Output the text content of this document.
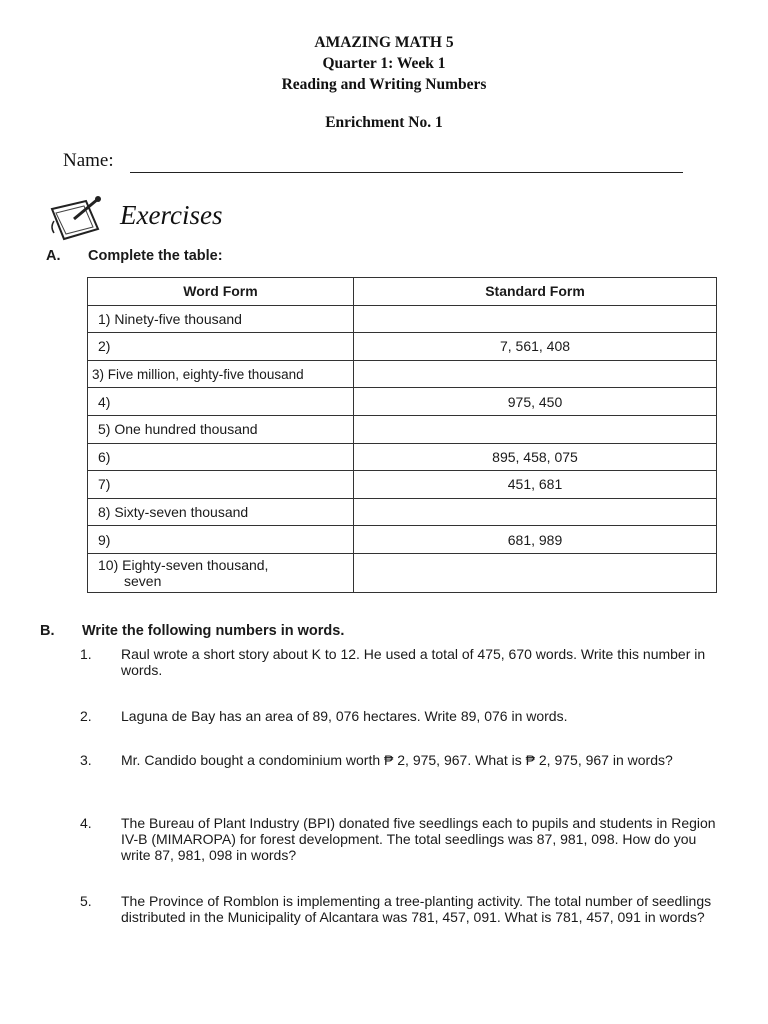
AMAZING MATH 5
Quarter 1: Week 1
Reading and Writing Numbers
Enrichment No. 1
Name:
Exercises
A. Complete the table:
Word Form	Standard Form
1) Ninety-five thousand	
2)	7, 561, 408
3) Five million, eighty-five thousand	
4)	975, 450
5) One hundred thousand	
6)	895, 458, 075
7)	451, 681
8) Sixty-seven thousand	
9)	681, 989

10) Eighty-seven thousand,
seven	

B. Write the following numbers in words.
1.	Raul wrote a short story about K to 12. He used a total of 475, 670 words. Write this number in words.
2.	Laguna de Bay has an area of 89, 076 hectares. Write 89, 076 in words.
3.	Mr. Candido bought a condominium worth ₱ 2, 975, 967. What is ₱ 2, 975, 967 in words?
4.	The Bureau of Plant Industry (BPI) donated five seedlings each to pupils and students in Region IV-B (MIMAROPA) for forest development. The total seedlings was 87, 981, 098. How do you write 87, 981, 098 in words?
5.	The Province of Romblon is implementing a tree-planting activity. The total number of seedlings distributed in the Municipality of Alcantara was 781, 457, 091. What is 781, 457, 091 in words?
